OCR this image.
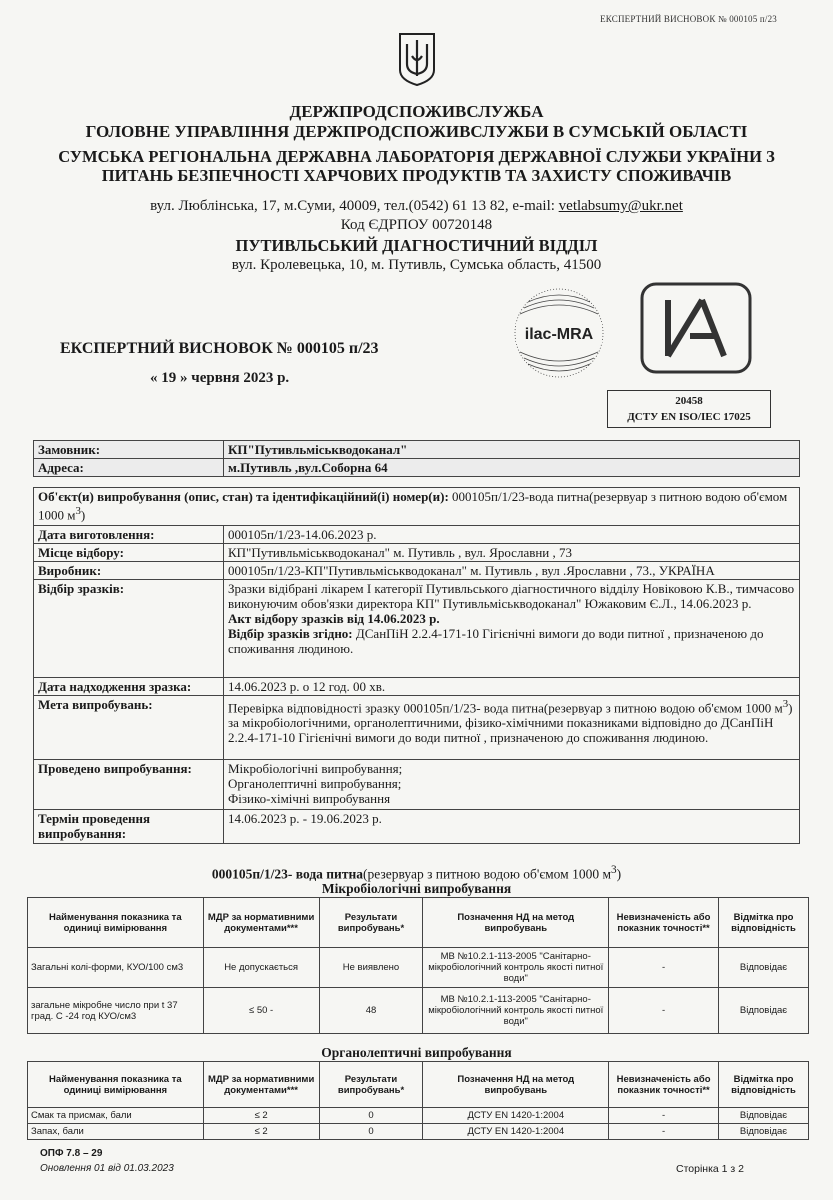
ЕКСПЕРТНИЙ ВИСНОВОК № 000105 п/23
ДЕРЖПРОДСПОЖИВСЛУЖБА
ГОЛОВНЕ УПРАВЛІННЯ ДЕРЖПРОДСПОЖИВСЛУЖБИ В СУМСЬКІЙ ОБЛАСТІ
СУМСЬКА РЕГІОНАЛЬНА ДЕРЖАВНА ЛАБОРАТОРІЯ ДЕРЖАВНОЇ СЛУЖБИ УКРАЇНИ З
ПИТАНЬ БЕЗПЕЧНОСТІ ХАРЧОВИХ ПРОДУКТІВ ТА ЗАХИСТУ СПОЖИВАЧІВ
вул. Люблінська, 17, м.Суми, 40009, тел.(0542) 61 13 82, e-mail: vetlabsumy@ukr.net
Код ЄДРПОУ 00720148
ПУТИВЛЬСЬКИЙ ДІАГНОСТИЧНИЙ ВІДДІЛ
вул. Кролевецька, 10, м. Путивль, Сумська область, 41500
ilac-MRA
20458
ДСТУ EN ISO/IEC 17025
ЕКСПЕРТНИЙ ВИСНОВОК № 000105 п/23
« 19 » червня 2023 р.
Замовник:	КП"Путивльміськводоканал"
Адреса:	м.Путивль ,вул.Соборна 64
Об'єкт(и) випробування (опис, стан) та ідентифікаційний(і) номер(и): 000105п/1/23-вода питна(резервуар з питною водою об'ємом 1000 $м^3$)	
Дата виготовлення:	000105п/1/23-14.06.2023 р.
Місце відбору:	КП"Путивльміськводоканал" м. Путивль , вул. Ярославни , 73
Виробник:	000105п/1/23-КП"Путивльміськводоканал" м. Путивль , вул .Ярославни , 73., УКРАЇНА
Відбір зразків:	Зразки відібрані лікарем І категорії Путивльського діагностичного відділу Новіковою К.В., тимчасово виконуючим обов'язки директора КП" Путивльміськводоканал" Южаковим Є.Л., 14.06.2023 р.
Акт відбору зразків від 14.06.2023 р.
Відбір зразків згідно: ДСанПіН 2.2.4-171-10 Гігієнічні вимоги до води питної , призначеною до споживання людиною.

Дата надходження зразка:	14.06.2023 р. о 12 год. 00 хв.
Мета випробувань:	Перевірка відповідності зразку 000105п/1/23- вода питна(резервуар з питною водою об'ємом 1000 $м^3$) за мікробіологічними, органолептичними, фізико-хімічними показниками відповідно до ДСанПіН 2.2.4-171-10 Гігієнічні вимоги до води питної , призначеною до споживання людиною.
Проведено випробування:	Мікробіологічні випробування;
Органолептичні випробування;
Фізико-хімічні випробування

Термін проведення випробування:	14.06.2023 р. - 19.06.2023 р.
000105п/1/23- вода питна(резервуар з питною водою об'ємом 1000 $м^3$)
Мікробіологічні випробування
Найменування показника та одиниці вимірювання	МДР за нормативними документами***	Результати випробувань*	Позначення НД на метод випробувань	Невизначеність або показник точності**	Відмітка про відповідність
Загальні колі-форми, КУО/100 см3	Не допускається	Не виявлено	МВ №10.2.1-113-2005 "Санітарно-мікробіологічний контроль якості питної води"	-	Відповідає
загальне мікробне число при t 37 град. С -24 год КУО/см3	≤ 50 -	48	МВ №10.2.1-113-2005 "Санітарно-мікробіологічний контроль якості питної води"	-	Відповідає
Органолептичні випробування
Найменування показника та одиниці вимірювання	МДР за нормативними документами***	Результати випробувань*	Позначення НД на метод випробувань	Невизначеність або показник точності**	Відмітка про відповідність
Смак та присмак, бали	≤ 2	0	ДСТУ EN 1420-1:2004	-	Відповідає
Запах, бали	≤ 2	0	ДСТУ EN 1420-1:2004	-	Відповідає
ОПФ 7.8 – 29
Оновлення 01 від 01.03.2023	Сторінка 1 з 2
